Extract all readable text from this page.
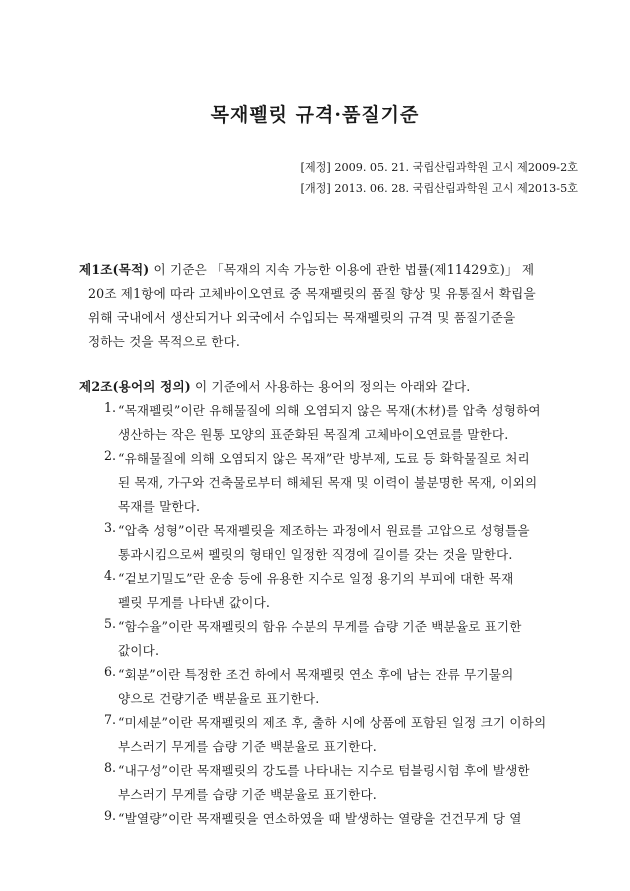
목재펠릿 규격·품질기준
[제정] 2009. 05. 21. 국립산림과학원 고시 제2009-2호
[개정] 2013. 06. 28. 국립산림과학원 고시 제2013-5호
제1조(목적) 이 기준은 「목재의 지속 가능한 이용에 관한 법률(제11429호)」 제
20조 제1항에 따라 고체바이오연료 중 목재펠릿의 품질 향상 및 유통질서 확립을
위해 국내에서 생산되거나 외국에서 수입되는 목재펠릿의 규격 및 품질기준을
정하는 것을 목적으로 한다.
제2조(용어의 정의) 이 기준에서 사용하는 용어의 정의는 아래와 같다.
1. “목재펠릿”이란 유해물질에 의해 오염되지 않은 목재(木材)를 압축 성형하여
생산하는 작은 원통 모양의 표준화된 목질계 고체바이오연료를 말한다.
2. “유해물질에 의해 오염되지 않은 목재”란 방부제, 도료 등 화학물질로 처리
된 목재, 가구와 건축물로부터 해체된 목재 및 이력이 불분명한 목재, 이외의
목재를 말한다.
3. “압축 성형”이란 목재펠릿을 제조하는 과정에서 원료를 고압으로 성형틀을
통과시킴으로써 펠릿의 형태인 일정한 직경에 길이를 갖는 것을 말한다.
4. “겉보기밀도”란 운송 등에 유용한 지수로 일정 용기의 부피에 대한 목재
펠릿 무게를 나타낸 값이다.
5. “함수율”이란 목재펠릿의 함유 수분의 무게를 습량 기준 백분율로 표기한
값이다.
6. “회분”이란 특정한 조건 하에서 목재펠릿 연소 후에 남는 잔류 무기물의
양으로 건량기준 백분율로 표기한다.
7. “미세분”이란 목재펠릿의 제조 후, 출하 시에 상품에 포함된 일정 크기 이하의
부스러기 무게를 습량 기준 백분율로 표기한다.
8. “내구성”이란 목재펠릿의 강도를 나타내는 지수로 텀블링시험 후에 발생한
부스러기 무게를 습량 기준 백분율로 표기한다.
9. “발열량”이란 목재펠릿을 연소하였을 때 발생하는 열량을 건건무게 당 열
